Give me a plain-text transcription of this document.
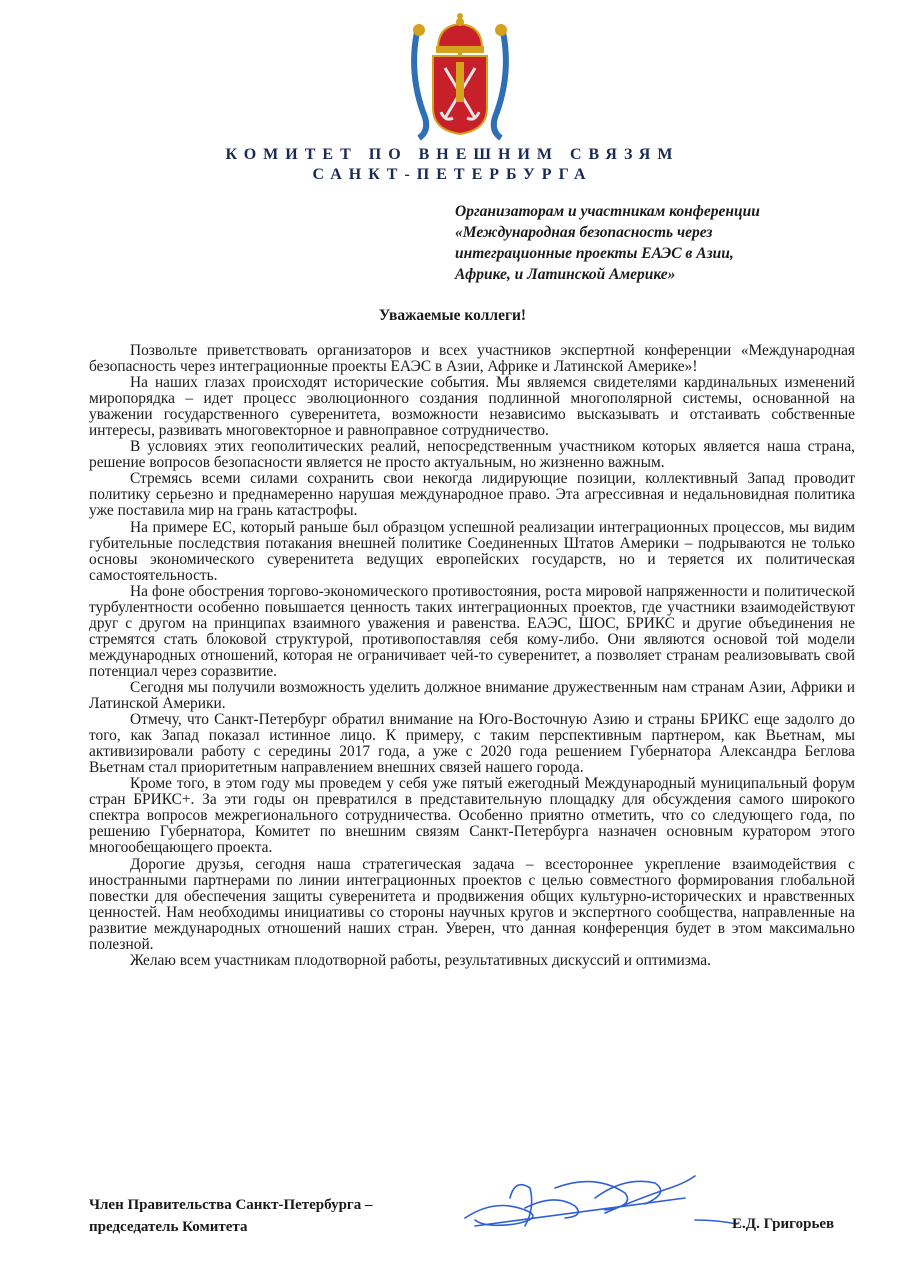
КОМИТЕТ ПО ВНЕШНИМ СВЯЗЯМ
САНКТ-ПЕТЕРБУРГА
Организаторам и участникам конференции
«Международная безопасность через
интеграционные проекты ЕАЭС в Азии,
Африке, и Латинской Америке»
Уважаемые коллеги!

Позвольте приветствовать организаторов и всех участников экспертной конференции «Международная безопасность через интеграционные проекты ЕАЭС в Азии, Африке и Латинской Америке»!

На наших глазах происходят исторические события. Мы являемся свидетелями кардинальных изменений миропорядка – идет процесс эволюционного создания подлинной многополярной системы, основанной на уважении государственного суверенитета, возможности независимо высказывать и отстаивать собственные интересы, развивать многовекторное и равноправное сотрудничество.

В условиях этих геополитических реалий, непосредственным участником которых является наша страна, решение вопросов безопасности является не просто актуальным, но жизненно важным.

Стремясь всеми силами сохранить свои некогда лидирующие позиции, коллективный Запад проводит политику серьезно и преднамеренно нарушая международное право. Эта агрессивная и недальновидная политика уже поставила мир на грань катастрофы.

На примере ЕС, который раньше был образцом успешной реализации интеграционных процессов, мы видим губительные последствия потакания внешней политике Соединенных Штатов Америки – подрываются не только основы экономического суверенитета ведущих европейских государств, но и теряется их политическая самостоятельность.

На фоне обострения торгово-экономического противостояния, роста мировой напряженности и политической турбулентности особенно повышается ценность таких интеграционных проектов, где участники взаимодействуют друг с другом на принципах взаимного уважения и равенства. ЕАЭС, ШОС, БРИКС и другие объединения не стремятся стать блоковой структурой, противопоставляя себя кому-либо. Они являются основой той модели международных отношений, которая не ограничивает чей-то суверенитет, а позволяет странам реализовывать свой потенциал через соразвитие.

Сегодня мы получили возможность уделить должное внимание дружественным нам странам Азии, Африки и Латинской Америки.

Отмечу, что Санкт-Петербург обратил внимание на Юго-Восточную Азию и страны БРИКС еще задолго до того, как Запад показал истинное лицо. К примеру, с таким перспективным партнером, как Вьетнам, мы активизировали работу с середины 2017 года, а уже с 2020 года решением Губернатора Александра Беглова Вьетнам стал приоритетным направлением внешних связей нашего города.

Кроме того, в этом году мы проведем у себя уже пятый ежегодный Международный муниципальный форум стран БРИКС+. За эти годы он превратился в представительную площадку для обсуждения самого широкого спектра вопросов межрегионального сотрудничества. Особенно приятно отметить, что со следующего года, по решению Губернатора, Комитет по внешним связям Санкт-Петербурга назначен основным куратором этого многообещающего проекта.

Дорогие друзья, сегодня наша стратегическая задача – всестороннее укрепление взаимодействия с иностранными партнерами по линии интеграционных проектов с целью совместного формирования глобальной повестки для обеспечения защиты суверенитета и продвижения общих культурно-исторических и нравственных ценностей. Нам необходимы инициативы со стороны научных кругов и экспертного сообщества, направленные на развитие международных отношений наших стран. Уверен, что данная конференция будет в этом максимально полезной.

Желаю всем участникам плодотворной работы, результативных дискуссий и оптимизма.

Член Правительства Санкт-Петербурга –
председатель Комитета	Е.Д. Григорьев
